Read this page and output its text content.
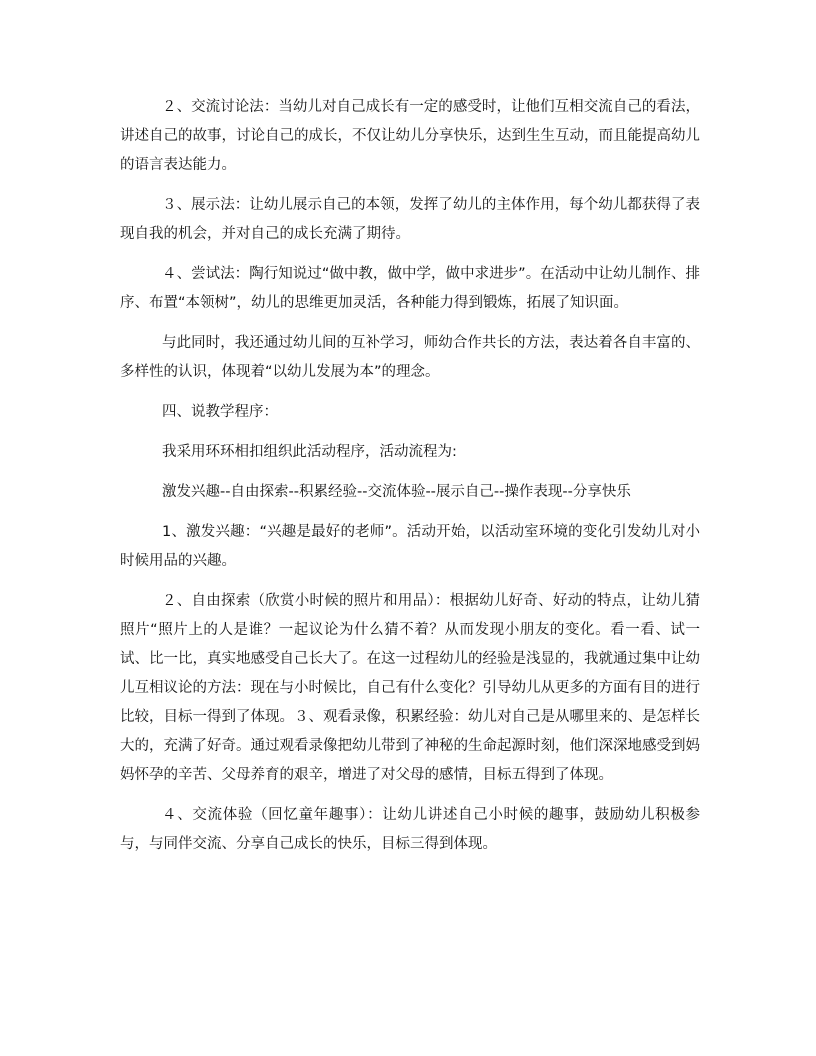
２、交流讨论法：当幼儿对自己成长有一定的感受时，让他们互相交流自己的看法，讲述自己的故事，讨论自己的成长，不仅让幼儿分享快乐，达到生生互动，而且能提高幼儿的语言表达能力。

３、展示法：让幼儿展示自己的本领，发挥了幼儿的主体作用，每个幼儿都获得了表现自我的机会，并对自己的成长充满了期待。

４、尝试法：陶行知说过“做中教，做中学，做中求进步”。在活动中让幼儿制作、排序、布置“本领树”，幼儿的思维更加灵活，各种能力得到锻炼，拓展了知识面。

与此同时，我还通过幼儿间的互补学习，师幼合作共长的方法，表达着各自丰富的、多样性的认识，体现着“以幼儿发展为本”的理念。

四、说教学程序：

我采用环环相扣组织此活动程序，活动流程为:

激发兴趣--自由探索--积累经验--交流体验--展示自己--操作表现--分享快乐

1、激发兴趣：“兴趣是最好的老师”。活动开始，以活动室环境的变化引发幼儿对小时候用品的兴趣。

２、自由探索（欣赏小时候的照片和用品）：根据幼儿好奇、好动的特点，让幼儿猜照片“照片上的人是谁？一起议论为什么猜不着？从而发现小朋友的变化。看一看、试一试、比一比，真实地感受自己长大了。在这一过程幼儿的经验是浅显的，我就通过集中让幼儿互相议论的方法：现在与小时候比，自己有什么变化？引导幼儿从更多的方面有目的进行比较，目标一得到了体现。３、观看录像，积累经验：幼儿对自己是从哪里来的、是怎样长大的，充满了好奇。通过观看录像把幼儿带到了神秘的生命起源时刻，他们深深地感受到妈妈怀孕的辛苦、父母养育的艰辛，增进了对父母的感情，目标五得到了体现。

４、交流体验（回忆童年趣事）：让幼儿讲述自己小时候的趣事，鼓励幼儿积极参与，与同伴交流、分享自己成长的快乐，目标三得到体现。
